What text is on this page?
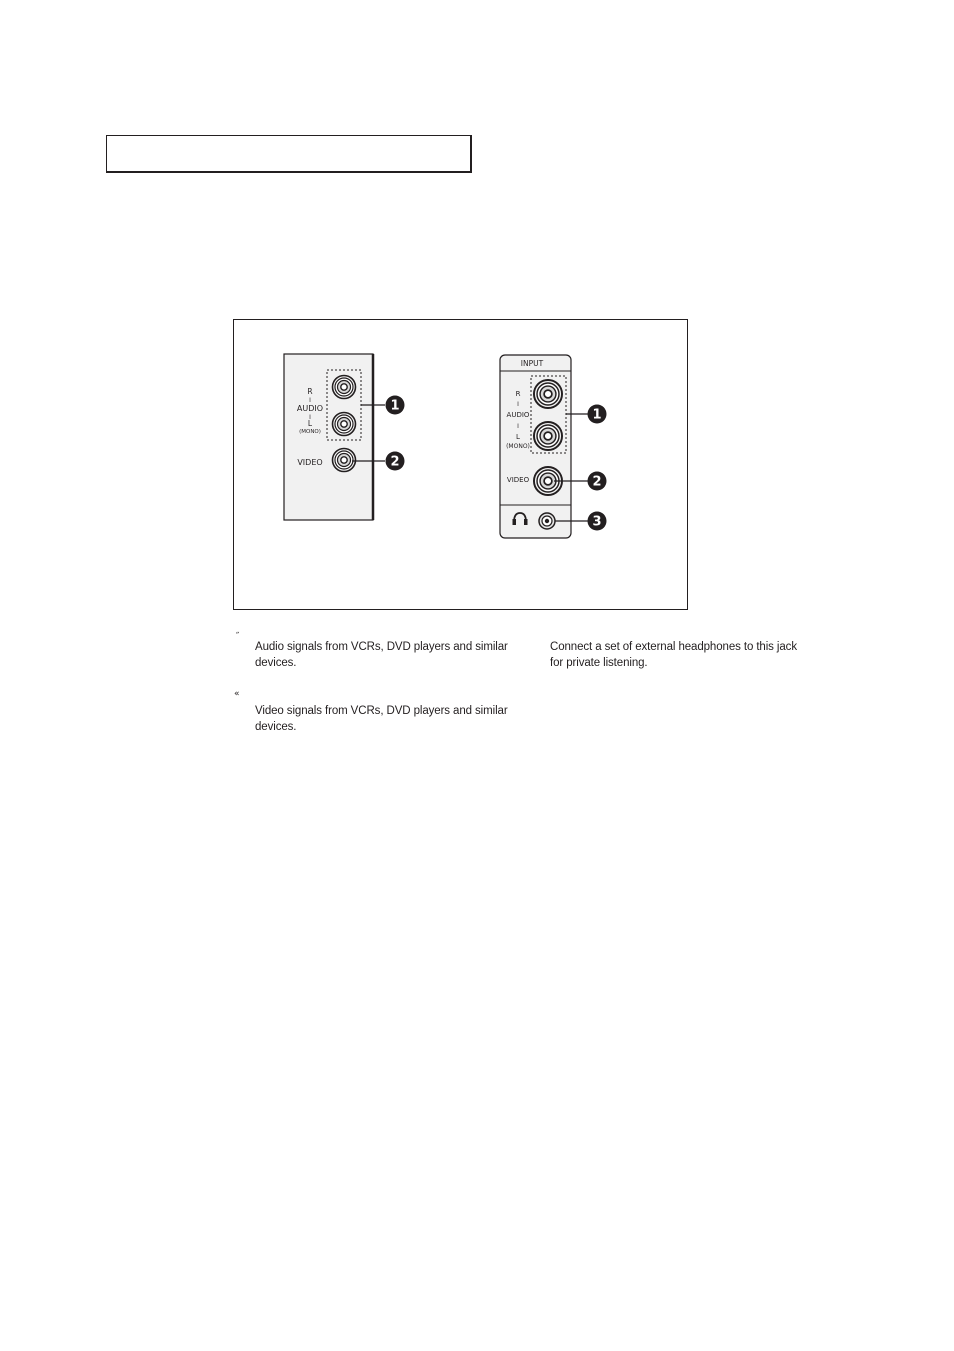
R
I
AUDIO
I
L
(MONO)
VIDEO
1
2
INPUT
R
I
AUDIO
I
L
(MONO)
VIDEO
1
2
3
˝
Audio signals from VCRs, DVD players and similar
devices.
«
Video signals from VCRs, DVD players and similar
devices.
Connect a set of external headphones to this jack
for private listening.
